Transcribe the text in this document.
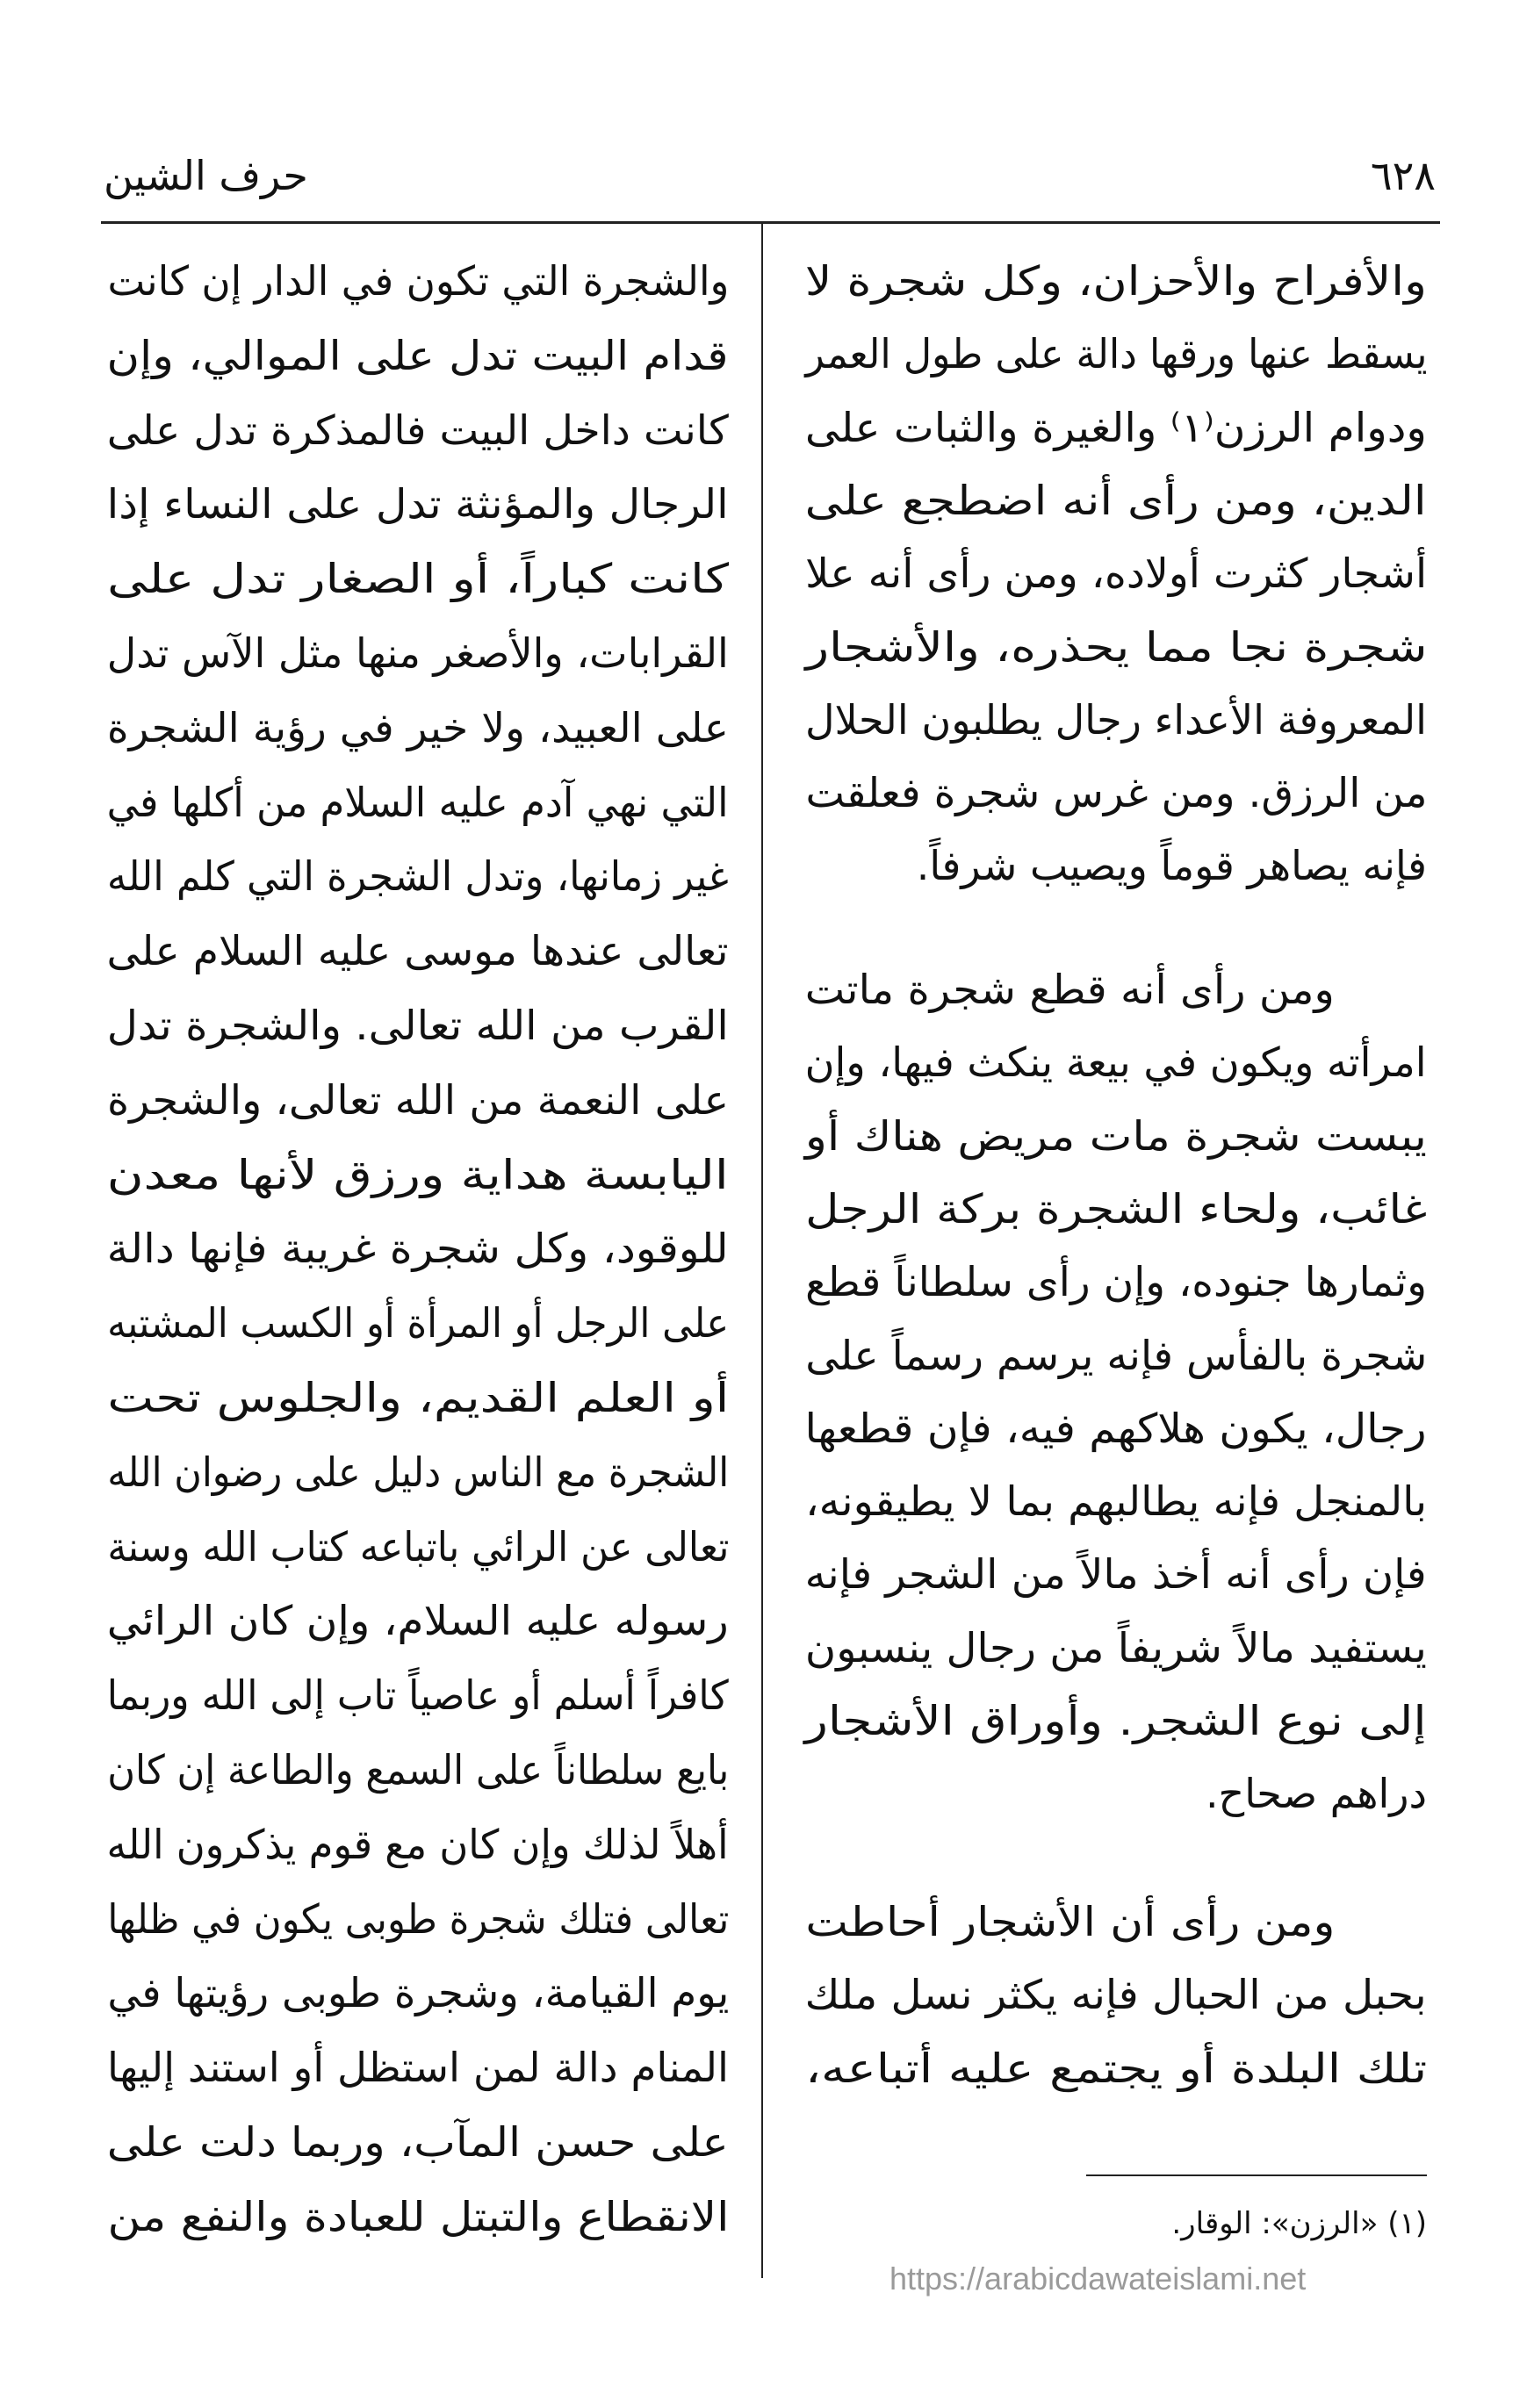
٦٢٨
حرف الشين
والأفراح والأحزان، وكل شجرة لا
يسقط عنها ورقها دالة على طول العمر
ودوام الرزن⁽١⁾ والغيرة والثبات على
الدين، ومن رأى أنه اضطجع على
أشجار كثرت أولاده، ومن رأى أنه علا
شجرة نجا مما يحذره، والأشجار
المعروفة الأعداء رجال يطلبون الحلال
من الرزق. ومن غرس شجرة فعلقت
فإنه يصاهر قوماً ويصيب شرفاً.
ومن رأى أنه قطع شجرة ماتت
امرأته ويكون في بيعة ينكث فيها، وإن
يبست شجرة مات مريض هناك أو
غائب، ولحاء الشجرة بركة الرجل
وثمارها جنوده، وإن رأى سلطاناً قطع
شجرة بالفأس فإنه يرسم رسماً على
رجال، يكون هلاكهم فيه، فإن قطعها
بالمنجل فإنه يطالبهم بما لا يطيقونه،
فإن رأى أنه أخذ مالاً من الشجر فإنه
يستفيد مالاً شريفاً من رجال ينسبون
إلى نوع الشجر. وأوراق الأشجار
دراهم صحاح.
ومن رأى أن الأشجار أحاطت
بحبل من الحبال فإنه يكثر نسل ملك
تلك البلدة أو يجتمع عليه أتباعه،
والشجرة التي تكون في الدار إن كانت
قدام البيت تدل على الموالي، وإن
كانت داخل البيت فالمذكرة تدل على
الرجال والمؤنثة تدل على النساء إذا
كانت كباراً، أو الصغار تدل على
القرابات، والأصغر منها مثل الآس تدل
على العبيد، ولا خير في رؤية الشجرة
التي نهي آدم عليه السلام من أكلها في
غير زمانها، وتدل الشجرة التي كلم الله
تعالى عندها موسى عليه السلام على
القرب من الله تعالى. والشجرة تدل
على النعمة من الله تعالى، والشجرة
اليابسة هداية ورزق لأنها معدن
للوقود، وكل شجرة غريبة فإنها دالة
على الرجل أو المرأة أو الكسب المشتبه
أو العلم القديم، والجلوس تحت
الشجرة مع الناس دليل على رضوان الله
تعالى عن الرائي باتباعه كتاب الله وسنة
رسوله عليه السلام، وإن كان الرائي
كافراً أسلم أو عاصياً تاب إلى الله وربما
بايع سلطاناً على السمع والطاعة إن كان
أهلاً لذلك وإن كان مع قوم يذكرون الله
تعالى فتلك شجرة طوبى يكون في ظلها
يوم القيامة، وشجرة طوبى رؤيتها في
المنام دالة لمن استظل أو استند إليها
على حسن المآب، وربما دلت على
الانقطاع والتبتل للعبادة والنفع من	(١) «الرزن»: الوقار.
https://arabicdawateislami.net
